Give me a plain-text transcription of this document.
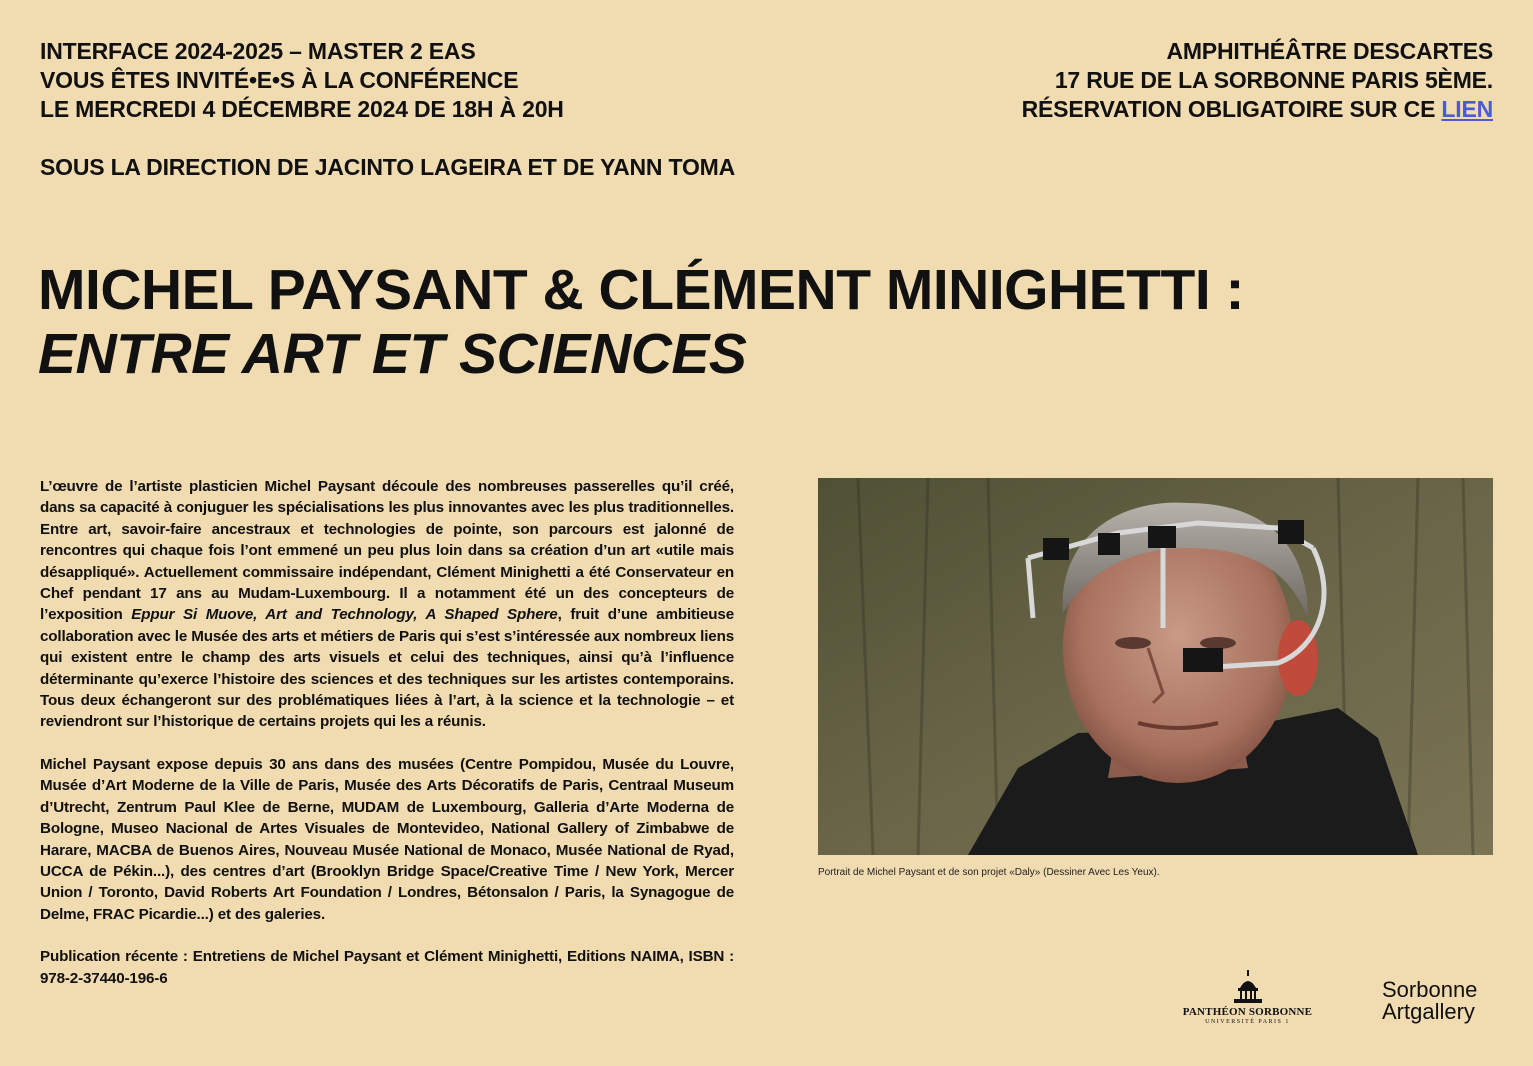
INTERFACE 2024-2025 – MASTER 2 EAS
VOUS ÊTES INVITÉ•E•S À LA CONFÉRENCE
LE MERCREDI 4 DÉCEMBRE 2024 DE 18H À 20H
SOUS LA DIRECTION DE JACINTO LAGEIRA ET DE YANN TOMA
AMPHITHÉÂTRE DESCARTES
17 RUE DE LA SORBONNE PARIS 5ÈME.
RÉSERVATION OBLIGATOIRE SUR CE LIEN
MICHEL PAYSANT & CLÉMENT MINIGHETTI :
ENTRE ART ET SCIENCES

L’œuvre de l’artiste plasticien Michel Paysant découle des nombreuses passerelles qu’il créé, dans sa capacité à conjuguer les spécialisations les plus innovantes avec les plus traditionnelles. Entre art, savoir-faire ancestraux et technologies de pointe, son parcours est jalonné de rencontres qui chaque fois l’ont emmené un peu plus loin dans sa création d’un art «utile mais désappliqué». Actuellement commissaire indépendant, Clément Minighetti a été Conservateur en Chef pendant 17 ans au Mudam-Luxembourg. Il a notamment été un des concepteurs de l’exposition Eppur Si Muove, Art and Technology, A Shaped Sphere, fruit d’une ambitieuse collaboration avec le Musée des arts et métiers de Paris qui s’est s’intéressée aux nombreux liens qui existent entre le champ des arts visuels et celui des techniques, ainsi qu’à l’influence déterminante qu’exerce l’histoire des sciences et des techniques sur les artistes contemporains. Tous deux échangeront sur des problématiques liées à l’art, à la science et la technologie – et reviendront sur l’historique de certains projets qui les a réunis.

Michel Paysant expose depuis 30 ans dans des musées (Centre Pompidou, Musée du Louvre, Musée d’Art Moderne de la Ville de Paris, Musée des Arts Décoratifs de Paris, Centraal Museum d’Utrecht, Zentrum Paul Klee de Berne, MUDAM de Luxembourg, Galleria d’Arte Moderna de Bologne, Museo Nacional de Artes Visuales de Montevideo, National Gallery of Zimbabwe de Harare, MACBA de Buenos Aires, Nouveau Musée National de Monaco, Musée National de Ryad, UCCA de Pékin...), des centres d’art (Brooklyn Bridge Space/Creative Time / New York, Mercer Union / Toronto, David Roberts Art Foundation / Londres, Bétonsalon / Paris, la Synagogue de Delme, FRAC Picardie...) et des galeries.

Publication récente : Entretiens de Michel Paysant et Clément Minighetti, Editions NAIMA, ISBN : 978-2-37440-196-6

Portrait de Michel Paysant et de son projet «Daly» (Dessiner Avec Les Yeux).
PANTHÉON SORBONNE
UNIVERSITÉ PARIS 1
Sorbonne
Artgallery
